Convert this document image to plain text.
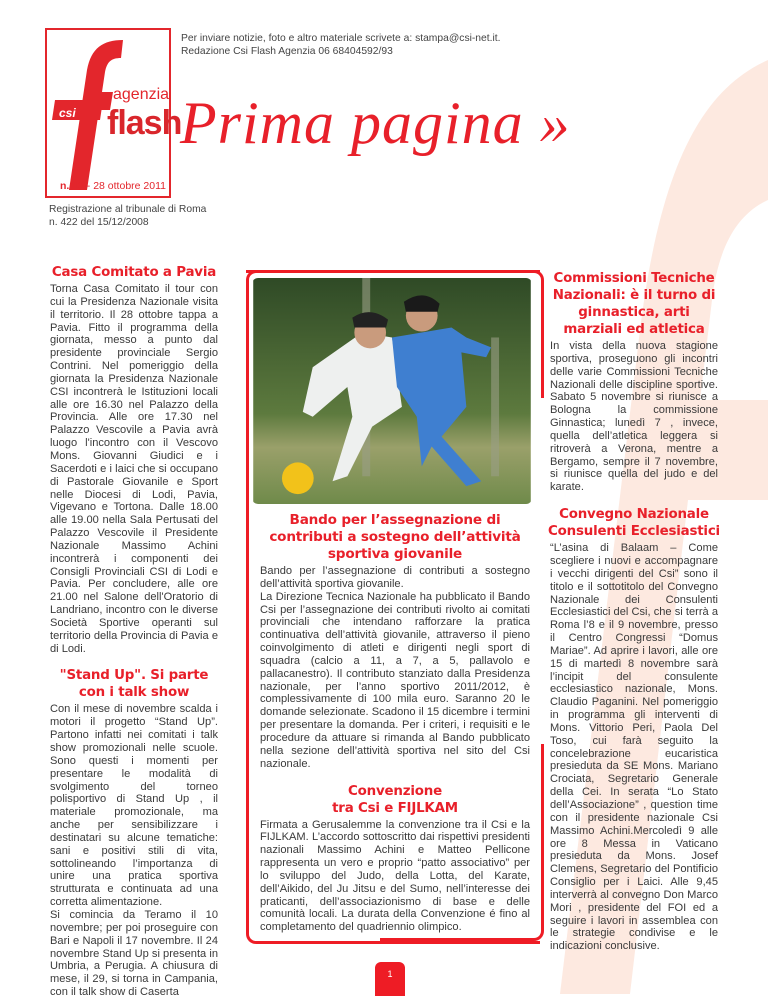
csi
agenzia
flash
n. 13 - 28 ottobre 2011
Per inviare notizie, foto e altro materiale scrivete a: stampa@csi-net.it.
Redazione Csi Flash Agenzia 06 68404592/93
Prima pagina »
Registrazione al tribunale di Roma
n. 422 del 15/12/2008
Casa Comitato a Pavia

Torna Casa Comitato il tour con cui la Presidenza Nazionale visita il territorio. Il 28 ottobre tappa a Pavia. Fitto il programma della giornata, messo a punto dal presidente provinciale Sergio Contrini. Nel pomeriggio della giornata la Presidenza Nazionale CSI incontrerà le Istituzioni locali alle ore 16.30 nel Palazzo della Provincia. Alle ore 17.30 nel Palazzo Vescovile a Pavia avrà luogo l'incontro con il Vescovo Mons. Giovanni Giudici e i Sacerdoti e i laici che si occupano di Pastorale Giovanile e Sport nelle Diocesi di Lodi, Pavia, Vigevano e Tortona. Dalle 18.00 alle 19.00 nella Sala Pertusati del Palazzo Vescovile il Presidente Nazionale Massimo Achini incontrerà i componenti dei Consigli Provinciali CSI di Lodi e Pavia. Per concludere, alle ore 21.00 nel Salone dell'Oratorio di Landriano, incontro con le diverse Società Sportive operanti sul territorio della Provincia di Pavia e di Lodi.

"Stand Up". Si parte con i talk show

Con il mese di novembre scalda i motori il progetto “Stand Up”. Partono infatti nei comitati i talk show promozionali nelle scuole. Sono questi i momenti per presentare le modalità di svolgimento del torneo polisportivo di Stand Up , il materiale promozionale, ma anche per sensibilizzare i destinatari su alcune tematiche: sani e positivi stili di vita, sottolineando l’importanza di unire una pratica sportiva strutturata e continuata ad una corretta alimentazione.

Si comincia da Teramo il 10 novembre; per poi proseguire con Bari e Napoli il 17 novembre. Il 24 novembre Stand Up si presenta in Umbria, a Perugia. A chiusura di mese, il 29, si torna in Campania, con il talk show di Caserta

Bando per l’assegnazione di contributi a sostegno dell’attività sportiva giovanile

Bando per l’assegnazione di contributi a sostegno dell’attività sportiva giovanile.

La Direzione Tecnica Nazionale ha pubblicato il Bando Csi per l’assegnazione dei contributi rivolto ai comitati provinciali che intendano rafforzare la pratica continuativa dell’attività giovanile, attraverso il pieno coinvolgimento di atleti e dirigenti negli sport di squadra (calcio a 11, a 7, a 5, pallavolo e pallacanestro). Il contributo stanziato dalla Presidenza nazionale, per l’anno sportivo 2011/2012, è complessivamente di 100 mila euro. Saranno 20 le domande selezionate. Scadono il 15 dicembre i termini per presentare la domanda. Per i criteri, i requisiti e le procedure da attuare si rimanda al Bando pubblicato nella sezione dell’attività sportiva nel sito del Csi nazionale.

Convenzione
tra Csi e FIJLKAM

Firmata a Gerusalemme la convenzione tra il Csi e la FIJLKAM. L’accordo sottoscritto dai rispettivi presidenti nazionali Massimo Achini e Matteo Pellicone rappresenta un vero e proprio “patto associativo” per lo sviluppo del Judo, della Lotta, del Karate, dell’Aikido, del Ju Jitsu e del Sumo, nell’interesse dei praticanti, dell’associazionismo di base e delle comunità locali. La durata della Convenzione é fino al completamento del quadriennio olimpico.

Commissioni Tecniche Nazionali: è il turno di ginnastica, arti marziali ed atletica

In vista della nuova stagione sportiva, proseguono gli incontri delle varie Commissioni Tecniche Nazionali delle discipline sportive. Sabato 5 novembre si riunisce a Bologna la commissione Ginnastica; lunedì 7 , invece, quella dell’atletica leggera si ritroverà a Verona, mentre a Bergamo, sempre il 7 novembre, si riunisce quella del judo e del karate.

Convegno Nazionale
Consulenti Ecclesiastici

“L’asina di Balaam – Come scegliere i nuovi e accompagnare i vecchi dirigenti del Csi” sono il titolo e il sottotitolo del Convegno Nazionale dei Consulenti Ecclesiastici del Csi, che si terrà a Roma l’8 e il 9 novembre, presso il Centro Congressi “Domus Mariae”. Ad aprire i lavori, alle ore 15 di martedì 8 novembre sarà l’incipit del consulente ecclesiastico nazionale, Mons. Claudio Paganini. Nel pomeriggio in programma gli interventi di Mons. Vittorio Peri, Paola Del Toso, cui farà seguito la concelebrazione eucaristica presieduta da SE Mons. Mariano Crociata, Segretario Generale della Cei. In serata “Lo Stato dell’Associazione” , question time con il presidente nazionale Csi Massimo Achini.Mercoledì 9 alle ore 8 Messa in Vaticano presieduta da Mons. Josef Clemens, Segretario del Pontificio Consiglio per i Laici. Alle 9,45 interverrà al convegno Don Marco Mori , presidente del FOI ed a seguire i lavori in assemblea con le strategie condivise e le indicazioni conclusive.

1
